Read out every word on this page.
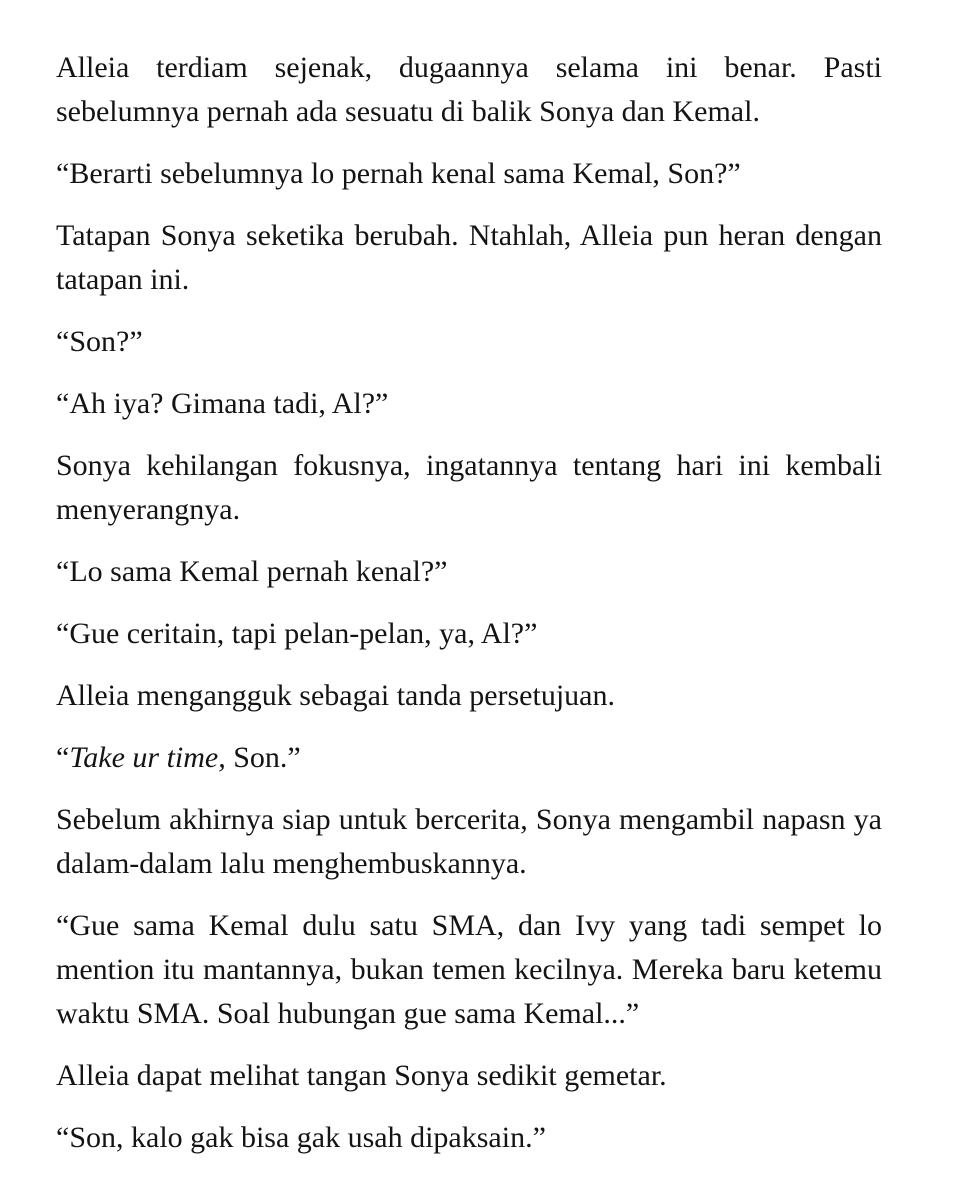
Alleia terdiam sejenak, dugaannya selama ini benar. Pasti sebelumnya pernah ada sesuatu di balik Sonya dan Kemal.

“Berarti sebelumnya lo pernah kenal sama Kemal, Son?”

Tatapan Sonya seketika berubah. Ntahlah, Alleia pun heran dengan tatapan ini.

“Son?”

“Ah iya? Gimana tadi, Al?”

Sonya kehilangan fokusnya, ingatannya tentang hari ini kembali menyerangnya.

“Lo sama Kemal pernah kenal?”

“Gue ceritain, tapi pelan-pelan, ya, Al?”

Alleia mengangguk sebagai tanda persetujuan.

“Take ur time, Son.”

Sebelum akhirnya siap untuk bercerita, Sonya mengambil napasn ya dalam-dalam lalu menghembuskannya.

“Gue sama Kemal dulu satu SMA, dan Ivy yang tadi sempet lo mention itu mantannya, bukan temen kecilnya. Mereka baru ketemu waktu SMA. Soal hubungan gue sama Kemal...”

Alleia dapat melihat tangan Sonya sedikit gemetar.

“Son, kalo gak bisa gak usah dipaksain.”
